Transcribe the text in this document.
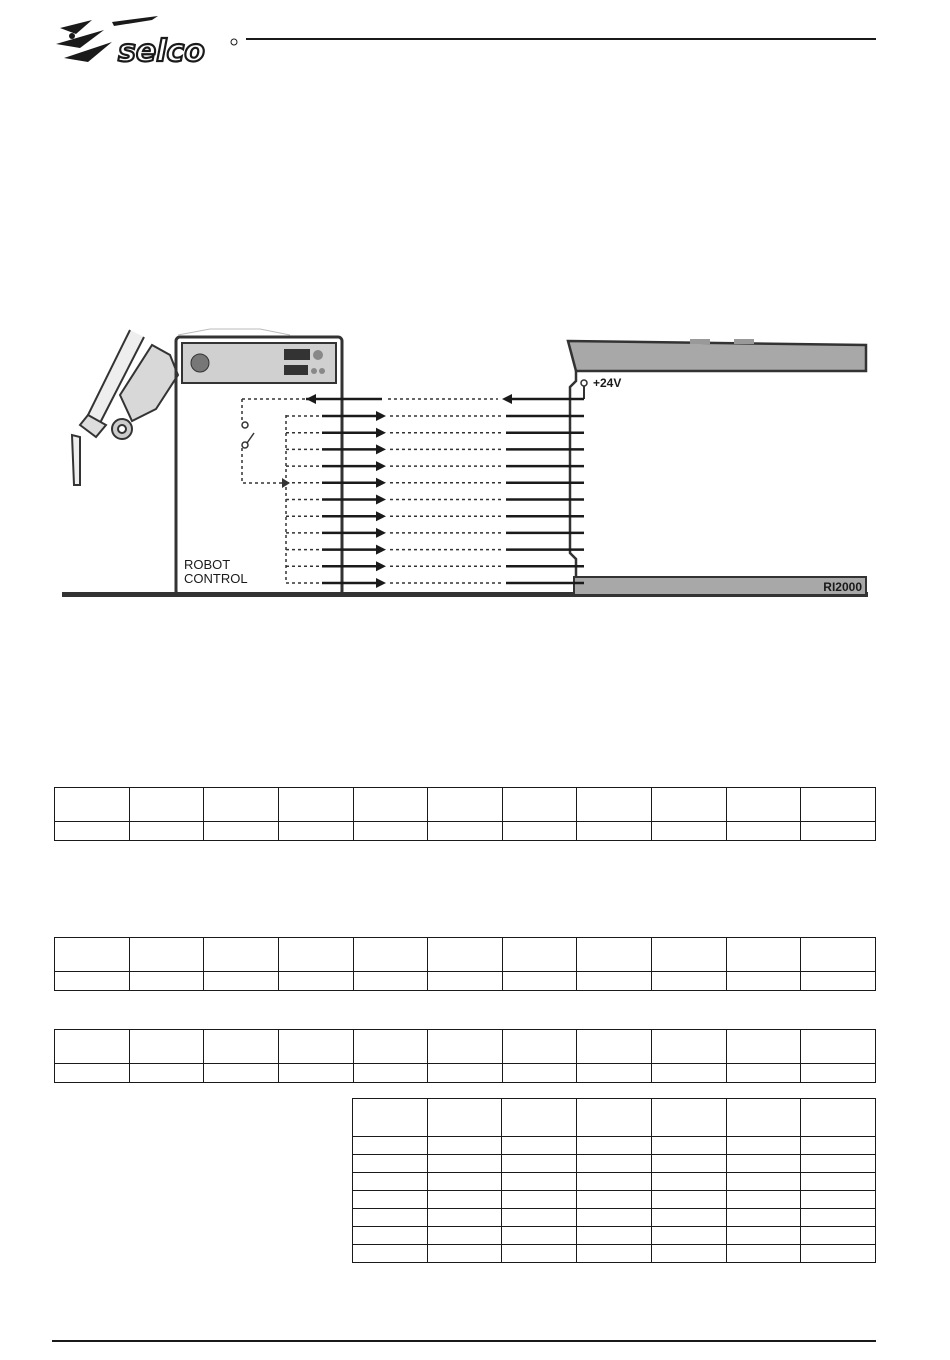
selco
ROBOT
CONTROL
+24V
RI2000
